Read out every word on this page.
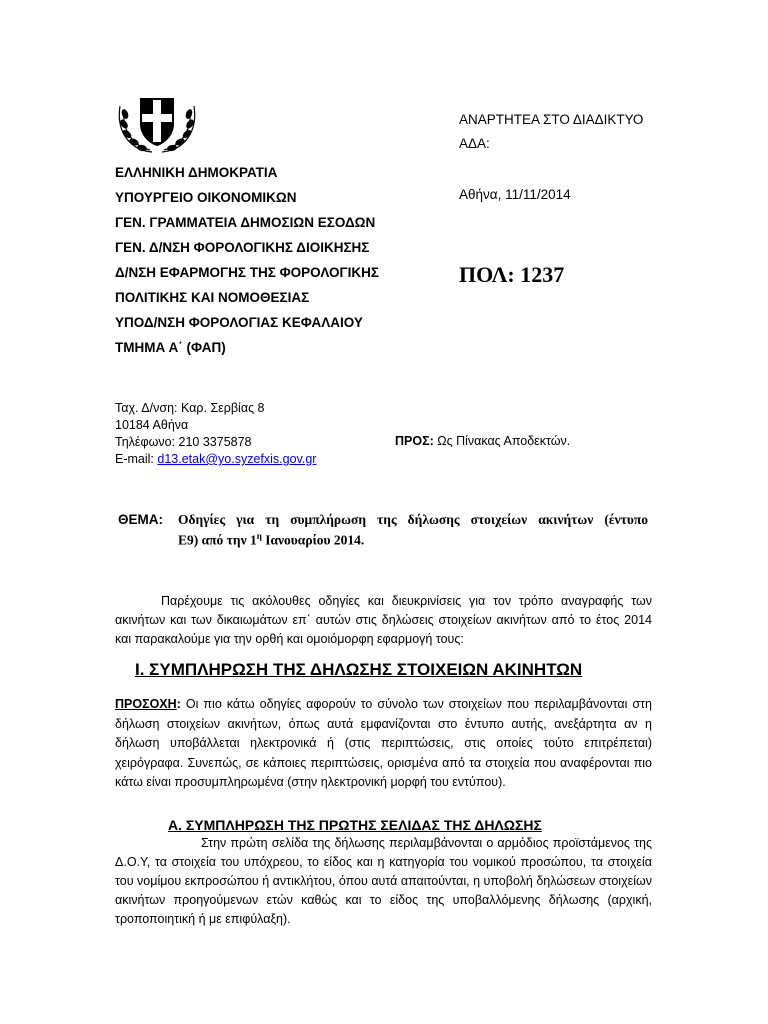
ΕΛΛΗΝΙΚΗ ΔΗΜΟΚΡΑΤΙΑ
ΥΠΟΥΡΓΕΙΟ ΟΙΚΟΝΟΜΙΚΩΝ
ΓΕΝ. ΓΡΑΜΜΑΤΕΙΑ ΔΗΜΟΣΙΩΝ ΕΣΟΔΩΝ
ΓΕΝ. Δ/ΝΣΗ ΦΟΡΟΛΟΓΙΚΗΣ ΔΙΟΙΚΗΣΗΣ
Δ/ΝΣΗ ΕΦΑΡΜΟΓΗΣ ΤΗΣ ΦΟΡΟΛΟΓΙΚΗΣ
ΠΟΛΙΤΙΚΗΣ ΚΑΙ ΝΟΜΟΘΕΣΙΑΣ
ΥΠΟΔ/ΝΣΗ ΦΟΡΟΛΟΓΙΑΣ ΚΕΦΑΛΑΙΟΥ
ΤΜΗΜΑ Α΄ (ΦΑΠ)
ΑΝΑΡΤΗΤΕΑ ΣΤΟ ΔΙΑΔΙΚΤΥΟ
ΑΔΑ:
Αθήνα, 11/11/2014
ΠΟΛ: 1237
Ταχ. Δ/νση: Καρ. Σερβίας 8
10184 Αθήνα
Τηλέφωνο: 210 3375878
E-mail: d13.etak@yo.syzefxis.gov.gr
ΠΡΟΣ: Ως Πίνακας Αποδεκτών.
ΘΕΜΑ:	Οδηγίες για τη συμπλήρωση της δήλωσης στοιχείων ακινήτων (έντυπο
Ε9) από την $1^\eta$ Ιανουαρίου 2014.
Παρέχουμε τις ακόλουθες οδηγίες και διευκρινίσεις για τον τρόπο αναγραφής των ακινήτων και των δικαιωμάτων επ΄ αυτών στις δηλώσεις στοιχείων ακινήτων από το έτος 2014 και παρακαλούμε για την ορθή και ομοιόμορφη εφαρμογή τους:
Ι. ΣΥΜΠΛΗΡΩΣΗ ΤΗΣ ΔΗΛΩΣΗΣ ΣΤΟΙΧΕΙΩΝ ΑΚΙΝΗΤΩΝ
ΠΡΟΣΟΧΗ: Οι πιο κάτω οδηγίες αφορούν το σύνολο των στοιχείων που περιλαμβάνονται στη δήλωση στοιχείων ακινήτων, όπως αυτά εμφανίζονται στο έντυπο αυτής, ανεξάρτητα αν η δήλωση υποβάλλεται ηλεκτρονικά ή (στις περιπτώσεις, στις οποίες τούτο επιτρέπεται) χειρόγραφα. Συνεπώς, σε κάποιες περιπτώσεις, ορισμένα από τα στοιχεία που αναφέρονται πιο κάτω είναι προσυμπληρωμένα (στην ηλεκτρονική μορφή του εντύπου).
Α. ΣΥΜΠΛΗΡΩΣΗ ΤΗΣ ΠΡΩΤΗΣ ΣΕΛΙΔΑΣ ΤΗΣ ΔΗΛΩΣΗΣ
Στην πρώτη σελίδα της δήλωσης περιλαμβάνονται ο αρμόδιος προϊστάμενος της Δ.Ο.Υ, τα στοιχεία του υπόχρεου, το είδος και η κατηγορία του νομικού προσώπου, τα στοιχεία του νομίμου εκπροσώπου ή αντικλήτου, όπου αυτά απαιτούνται, η υποβολή δηλώσεων στοιχείων ακινήτων προηγούμενων ετών καθώς και το είδος της υποβαλλόμενης δήλωσης (αρχική, τροποποιητική ή με επιφύλαξη).
